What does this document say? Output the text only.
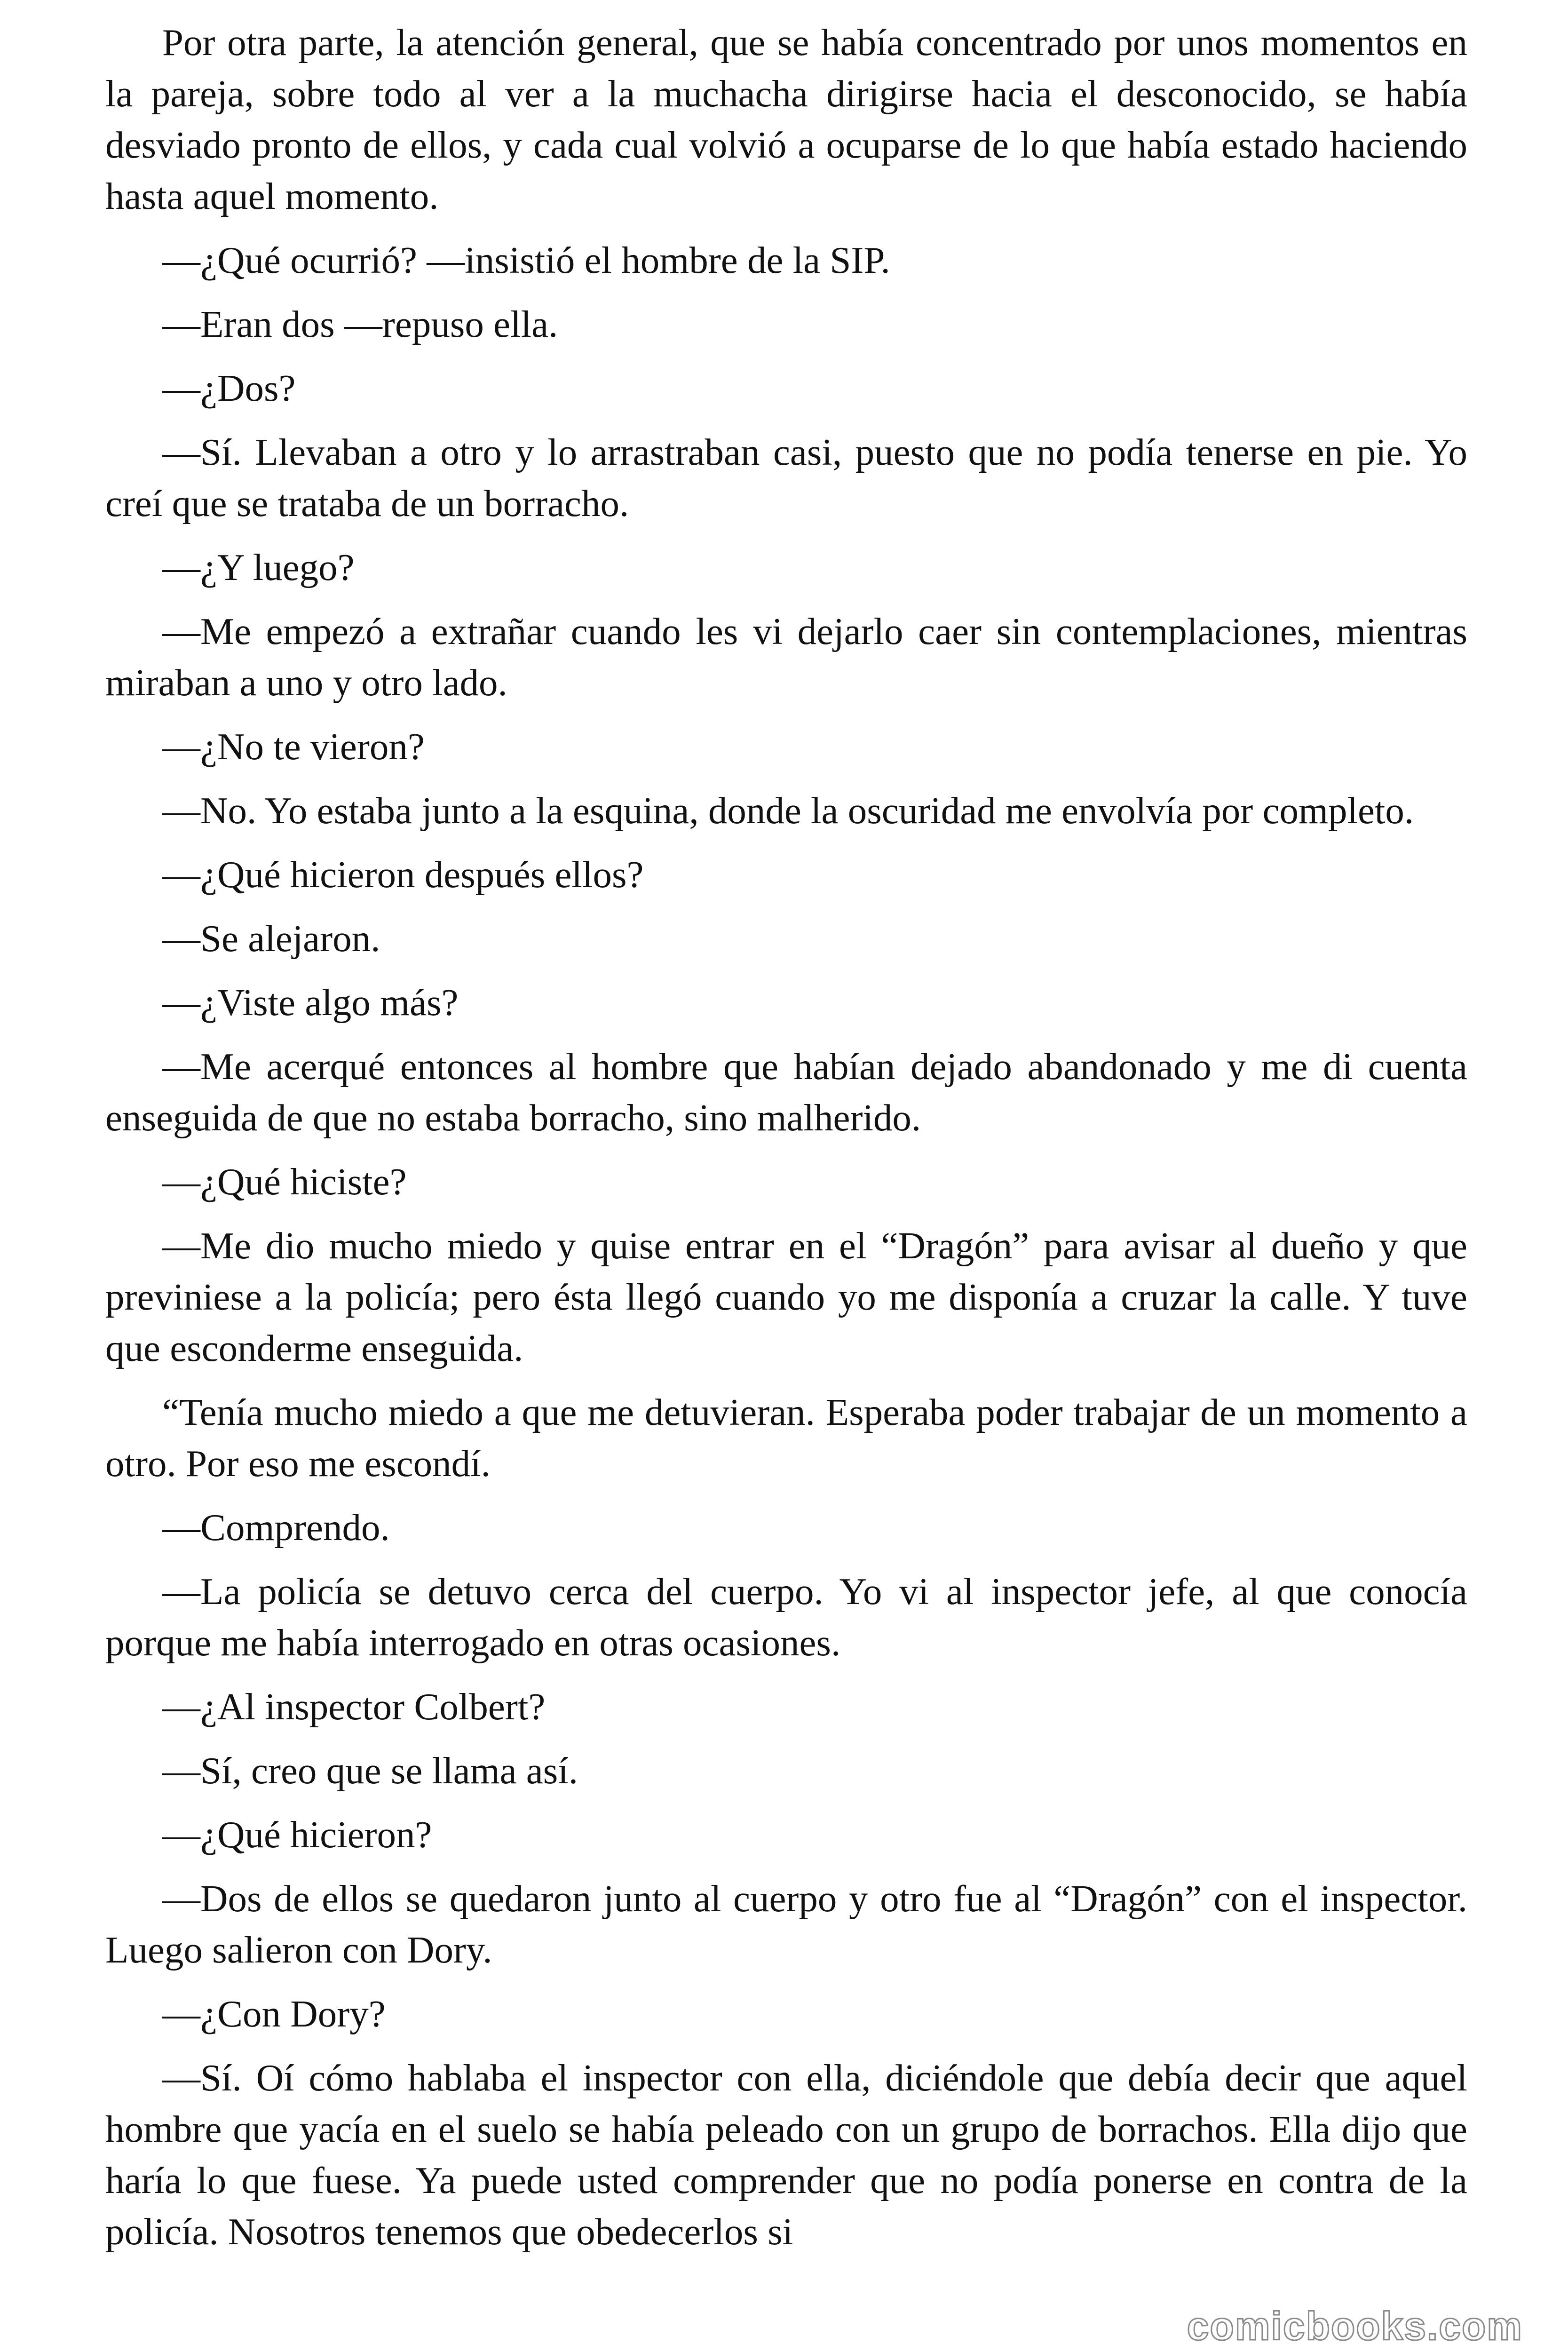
Por otra parte, la atención general, que se había concentrado por unos momentos en la pareja, sobre todo al ver a la muchacha dirigirse hacia el desconocido, se había desviado pronto de ellos, y cada cual volvió a ocuparse de lo que había estado haciendo hasta aquel momento.

—¿Qué ocurrió? —insistió el hombre de la SIP.

—Eran dos —repuso ella.

—¿Dos?

—Sí. Llevaban a otro y lo arrastraban casi, puesto que no podía tenerse en pie. Yo creí que se trataba de un borracho.

—¿Y luego?

—Me empezó a extrañar cuando les vi dejarlo caer sin contemplaciones, mientras miraban a uno y otro lado.

—¿No te vieron?

—No. Yo estaba junto a la esquina, donde la oscuridad me envolvía por completo.

—¿Qué hicieron después ellos?

—Se alejaron.

—¿Viste algo más?

—Me acerqué entonces al hombre que habían dejado abandonado y me di cuenta enseguida de que no estaba borracho, sino malherido.

—¿Qué hiciste?

—Me dio mucho miedo y quise entrar en el “Dragón” para avisar al dueño y que previniese a la policía; pero ésta llegó cuando yo me disponía a cruzar la calle. Y tuve que esconderme enseguida.

“Tenía mucho miedo a que me detuvieran. Esperaba poder trabajar de un momento a otro. Por eso me escondí.

—Comprendo.

—La policía se detuvo cerca del cuerpo. Yo vi al inspector jefe, al que conocía porque me había interrogado en otras ocasiones.

—¿Al inspector Colbert?

—Sí, creo que se llama así.

—¿Qué hicieron?

—Dos de ellos se quedaron junto al cuerpo y otro fue al “Dragón” con el inspector. Luego salieron con Dory.

—¿Con Dory?

—Sí. Oí cómo hablaba el inspector con ella, diciéndole que debía decir que aquel hombre que yacía en el suelo se había peleado con un grupo de borrachos. Ella dijo que haría lo que fuese. Ya puede usted comprender que no podía ponerse en contra de la policía. Nosotros tenemos que obedecerlos si

comicbooks.com
